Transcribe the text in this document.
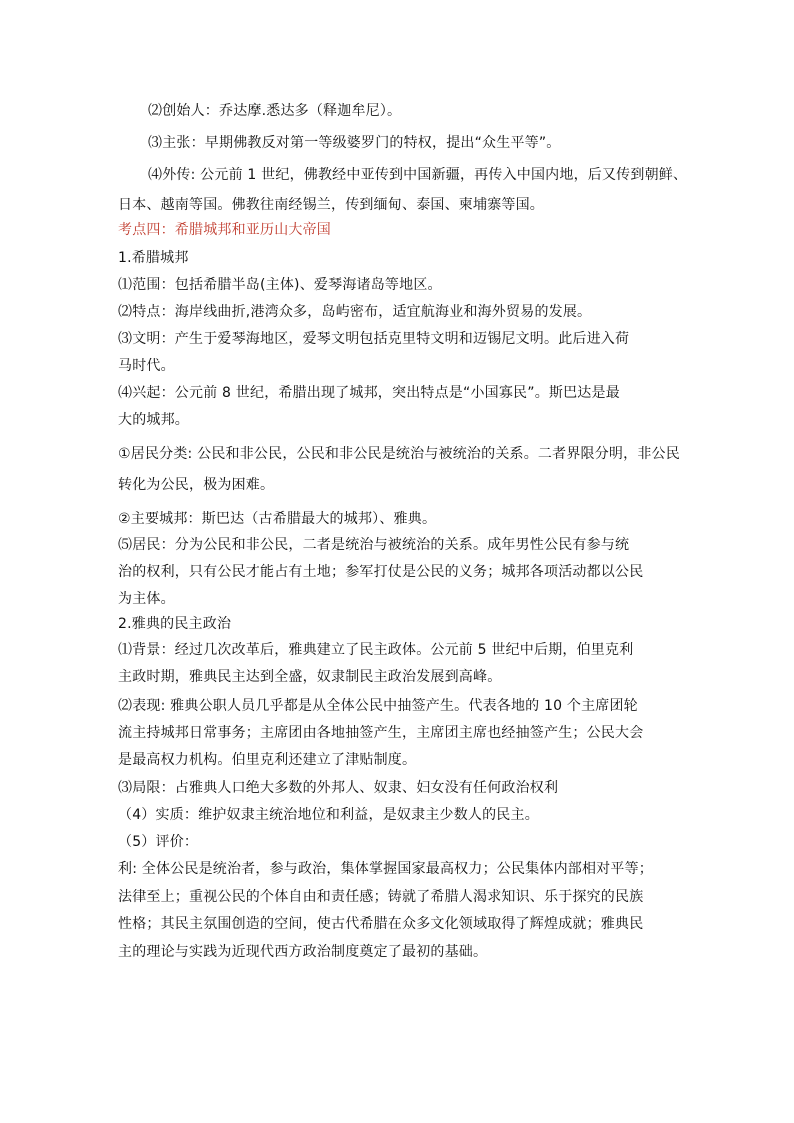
⑵创始人：乔达摩.悉达多（释迦牟尼）。
⑶主张：早期佛教反对第一等级婆罗门的特权，提出“众生平等”。
⑷外传: 公元前 1 世纪，佛教经中亚传到中国新疆，再传入中国内地，后又传到朝鲜、
日本、越南等国。佛教往南经锡兰，传到缅甸、泰国、柬埔寨等国。
考点四：希腊城邦和亚历山大帝国
1.希腊城邦
⑴范围：包括希腊半岛(主体)、爱琴海诸岛等地区。
⑵特点：海岸线曲折,港湾众多，岛屿密布，适宜航海业和海外贸易的发展。
⑶文明：产生于爱琴海地区，爱琴文明包括克里特文明和迈锡尼文明。此后进入荷
马时代。
⑷兴起：公元前 8 世纪，希腊出现了城邦，突出特点是“小国寡民”。斯巴达是最
大的城邦。
①居民分类: 公民和非公民，公民和非公民是统治与被统治的关系。二者界限分明，非公民
转化为公民，极为困难。
②主要城邦：斯巴达（古希腊最大的城邦）、雅典。
⑸居民：分为公民和非公民，二者是统治与被统治的关系。成年男性公民有参与统
治的权利，只有公民才能占有土地；参军打仗是公民的义务；城邦各项活动都以公民
为主体。
2.雅典的民主政治
⑴背景：经过几次改革后，雅典建立了民主政体。公元前 5 世纪中后期，伯里克利
主政时期，雅典民主达到全盛，奴隶制民主政治发展到高峰。
⑵表现: 雅典公职人员几乎都是从全体公民中抽签产生。代表各地的 10 个主席团轮
流主持城邦日常事务；主席团由各地抽签产生，主席团主席也经抽签产生；公民大会
是最高权力机构。伯里克利还建立了津贴制度。
⑶局限：占雅典人口绝大多数的外邦人、奴隶、妇女没有任何政治权利
（4）实质：维护奴隶主统治地位和利益，是奴隶主少数人的民主。
（5）评价：
利: 全体公民是统治者，参与政治，集体掌握国家最高权力；公民集体内部相对平等；
法律至上；重视公民的个体自由和责任感；铸就了希腊人渴求知识、乐于探究的民族
性格；其民主氛围创造的空间，使古代希腊在众多文化领域取得了辉煌成就；雅典民
主的理论与实践为近现代西方政治制度奠定了最初的基础。
